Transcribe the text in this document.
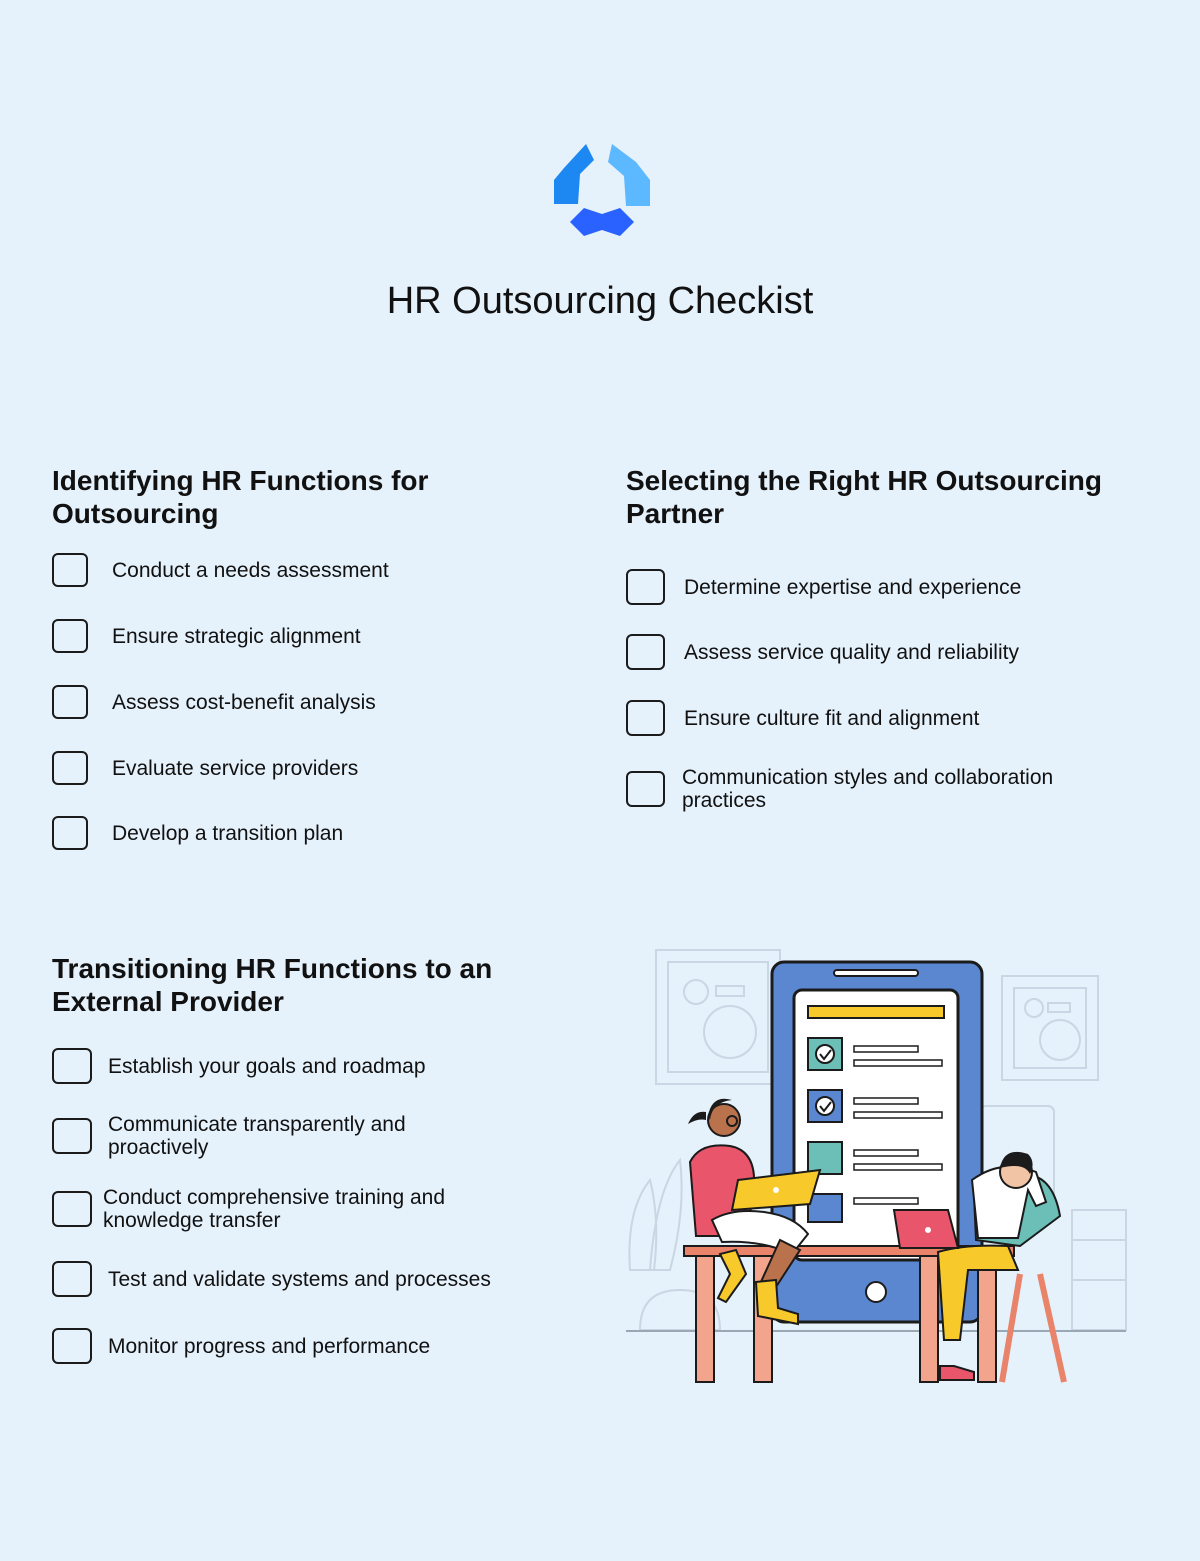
HR Outsourcing Checkist
Identifying HR Functions for Outsourcing
Conduct a needs assessment
Ensure strategic alignment
Assess cost-benefit analysis
Evaluate service providers
Develop a transition plan
Selecting the Right HR Outsourcing Partner
Determine expertise and experience
Assess service quality and reliability
Ensure culture fit and alignment
Communication styles and collaboration practices
Transitioning HR Functions to an External Provider
Establish your goals and roadmap
Communicate transparently and proactively
Conduct comprehensive training and knowledge transfer
Test and validate systems and processes
Monitor progress and performance
